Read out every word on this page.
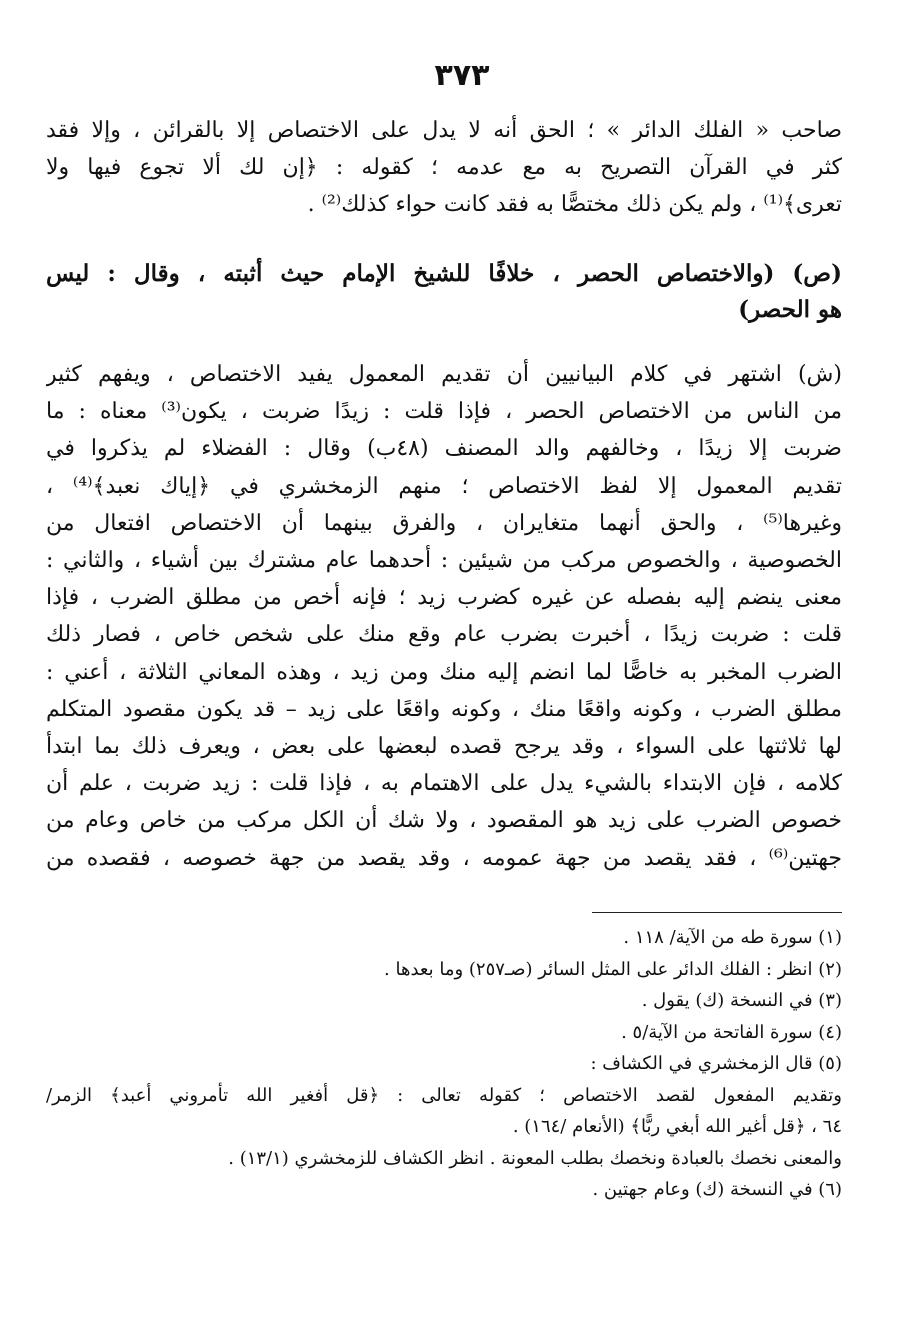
٣٧٣
صاحب « الفلك الدائر » ؛ الحق أنه لا يدل على الاختصاص إلا بالقرائن ، وإلا فقد
كثر في القرآن التصريح به مع عدمه ؛ كقوله : ﴿إن لك ألا تجوع فيها ولا
تعرى﴾⁽¹⁾ ، ولم يكن ذلك مختصًّا به فقد كانت حواء كذلك⁽²⁾ .
(ص) (والاختصاص الحصر ، خلافًا للشيخ الإمام حيث أثبته ، وقال : ليس
هو الحصر)
(ش) اشتهر في كلام البيانيين أن تقديم المعمول يفيد الاختصاص ، ويفهم كثير
من الناس من الاختصاص الحصر ، فإذا قلت : زيدًا ضربت ، يكون⁽³⁾ معناه : ما
ضربت إلا زيدًا ، وخالفهم والد المصنف (٤٨ب) وقال : الفضلاء لم يذكروا في
تقديم المعمول إلا لفظ الاختصاص ؛ منهم الزمخشري في ﴿إياك نعبد﴾⁽⁴⁾ ،
وغيرها⁽⁵⁾ ، والحق أنهما متغايران ، والفرق بينهما أن الاختصاص افتعال من
الخصوصية ، والخصوص مركب من شيئين : أحدهما عام مشترك بين أشياء ، والثاني :
معنى ينضم إليه بفصله عن غيره كضرب زيد ؛ فإنه أخص من مطلق الضرب ، فإذا
قلت : ضربت زيدًا ، أخبرت بضرب عام وقع منك على شخص خاص ، فصار ذلك
الضرب المخبر به خاصًّا لما انضم إليه منك ومن زيد ، وهذه المعاني الثلاثة ، أعني :
مطلق الضرب ، وكونه واقعًا منك ، وكونه واقعًا على زيد – قد يكون مقصود المتكلم
لها ثلاثتها على السواء ، وقد يرجح قصده لبعضها على بعض ، ويعرف ذلك بما ابتدأ
كلامه ، فإن الابتداء بالشيء يدل على الاهتمام به ، فإذا قلت : زيد ضربت ، علم أن
خصوص الضرب على زيد هو المقصود ، ولا شك أن الكل مركب من خاص وعام من
جهتين⁽⁶⁾ ، فقد يقصد من جهة عمومه ، وقد يقصد من جهة خصوصه ، فقصده من
(١) سورة طه من الآية/ ١١٨ .
(٢) انظر : الفلك الدائر على المثل السائر (صـ٢٥٧) وما بعدها .
(٣) في النسخة (ك) يقول .
(٤) سورة الفاتحة من الآية/٥ .
(٥) قال الزمخشري في الكشاف :
وتقديم المفعول لقصد الاختصاص ؛ كقوله تعالى : ﴿قل أفغير الله تأمروني أعبد﴾ الزمر/
٦٤ ، ﴿قل أغير الله أبغي ربًّا﴾ (الأنعام /١٦٤) .
والمعنى نخصك بالعبادة ونخصك بطلب المعونة . انظر الكشاف للزمخشري (١٣/١) .
(٦) في النسخة (ك) وعام جهتين .
